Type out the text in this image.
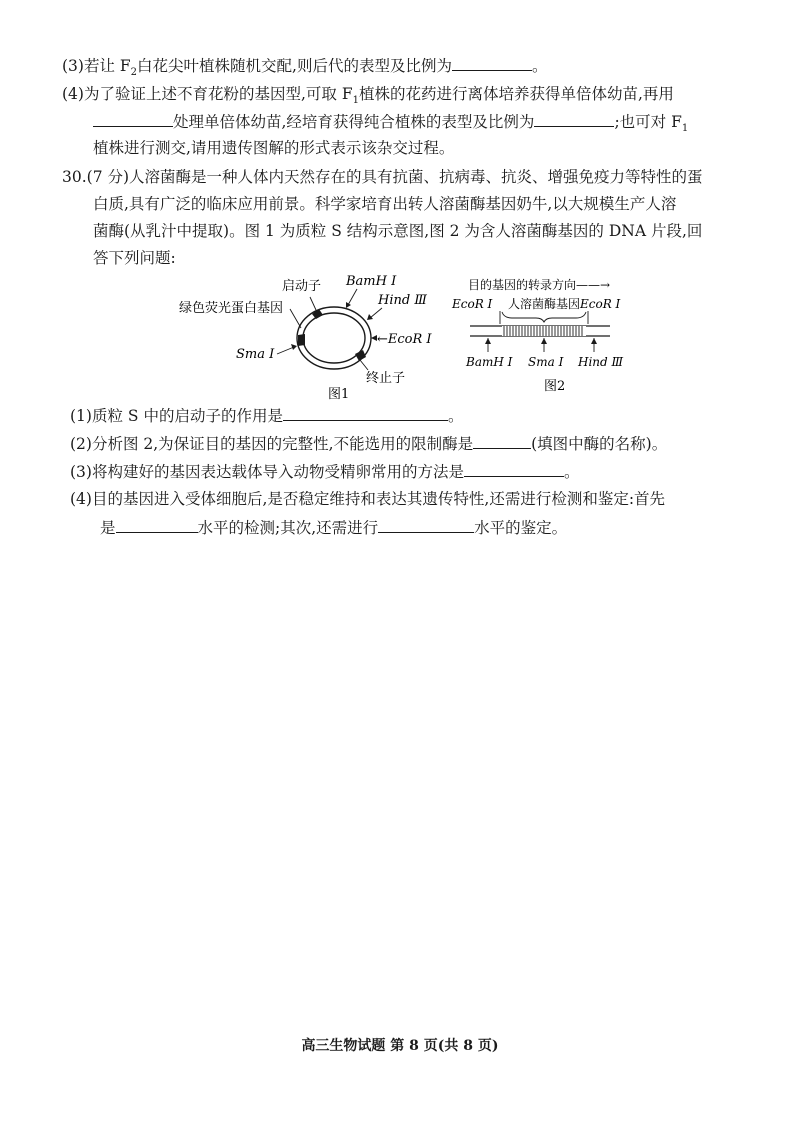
(3)若让 $F_2$白花尖叶植株随机交配,则后代的表型及比例为	。
(4)为了验证上述不育花粉的基因型,可取 $F_1$植株的花药进行离体培养获得单倍体幼苗,再用
处理单倍体幼苗,经培育获得纯合植株的表型及比例为	;也可对 $F_1$
植株进行测交,请用遗传图解的形式表示该杂交过程。
30.(7 分)人溶菌酶是一种人体内天然存在的具有抗菌、抗病毒、抗炎、增强免疫力等特性的蛋
白质,具有广泛的临床应用前景。科学家培育出转人溶菌酶基因奶牛,以大规模生产人溶
菌酶(从乳汁中提取)。图 1 为质粒 S 结构示意图,图 2 为含人溶菌酶基因的 DNA 片段,回
答下列问题:
启动子 BamH I
Hind Ⅲ
绿色荧光蛋白基因
←EcoR I
Sma I
终止子
图1
目的基因的转录方向——→
EcoR I 人溶菌酶基因 EcoR I
BamH I Sma I Hind Ⅲ
图2
(1)质粒 S 中的启动子的作用是	。
(2)分析图 2,为保证目的基因的完整性,不能选用的限制酶是	(填图中酶的名称)。
(3)将构建好的基因表达载体导入动物受精卵常用的方法是	。
(4)目的基因进入受体细胞后,是否稳定维持和表达其遗传特性,还需进行检测和鉴定:首先
是	水平的检测;其次,还需进行	水平的鉴定。
高三生物试题 第 8 页(共 8 页)
